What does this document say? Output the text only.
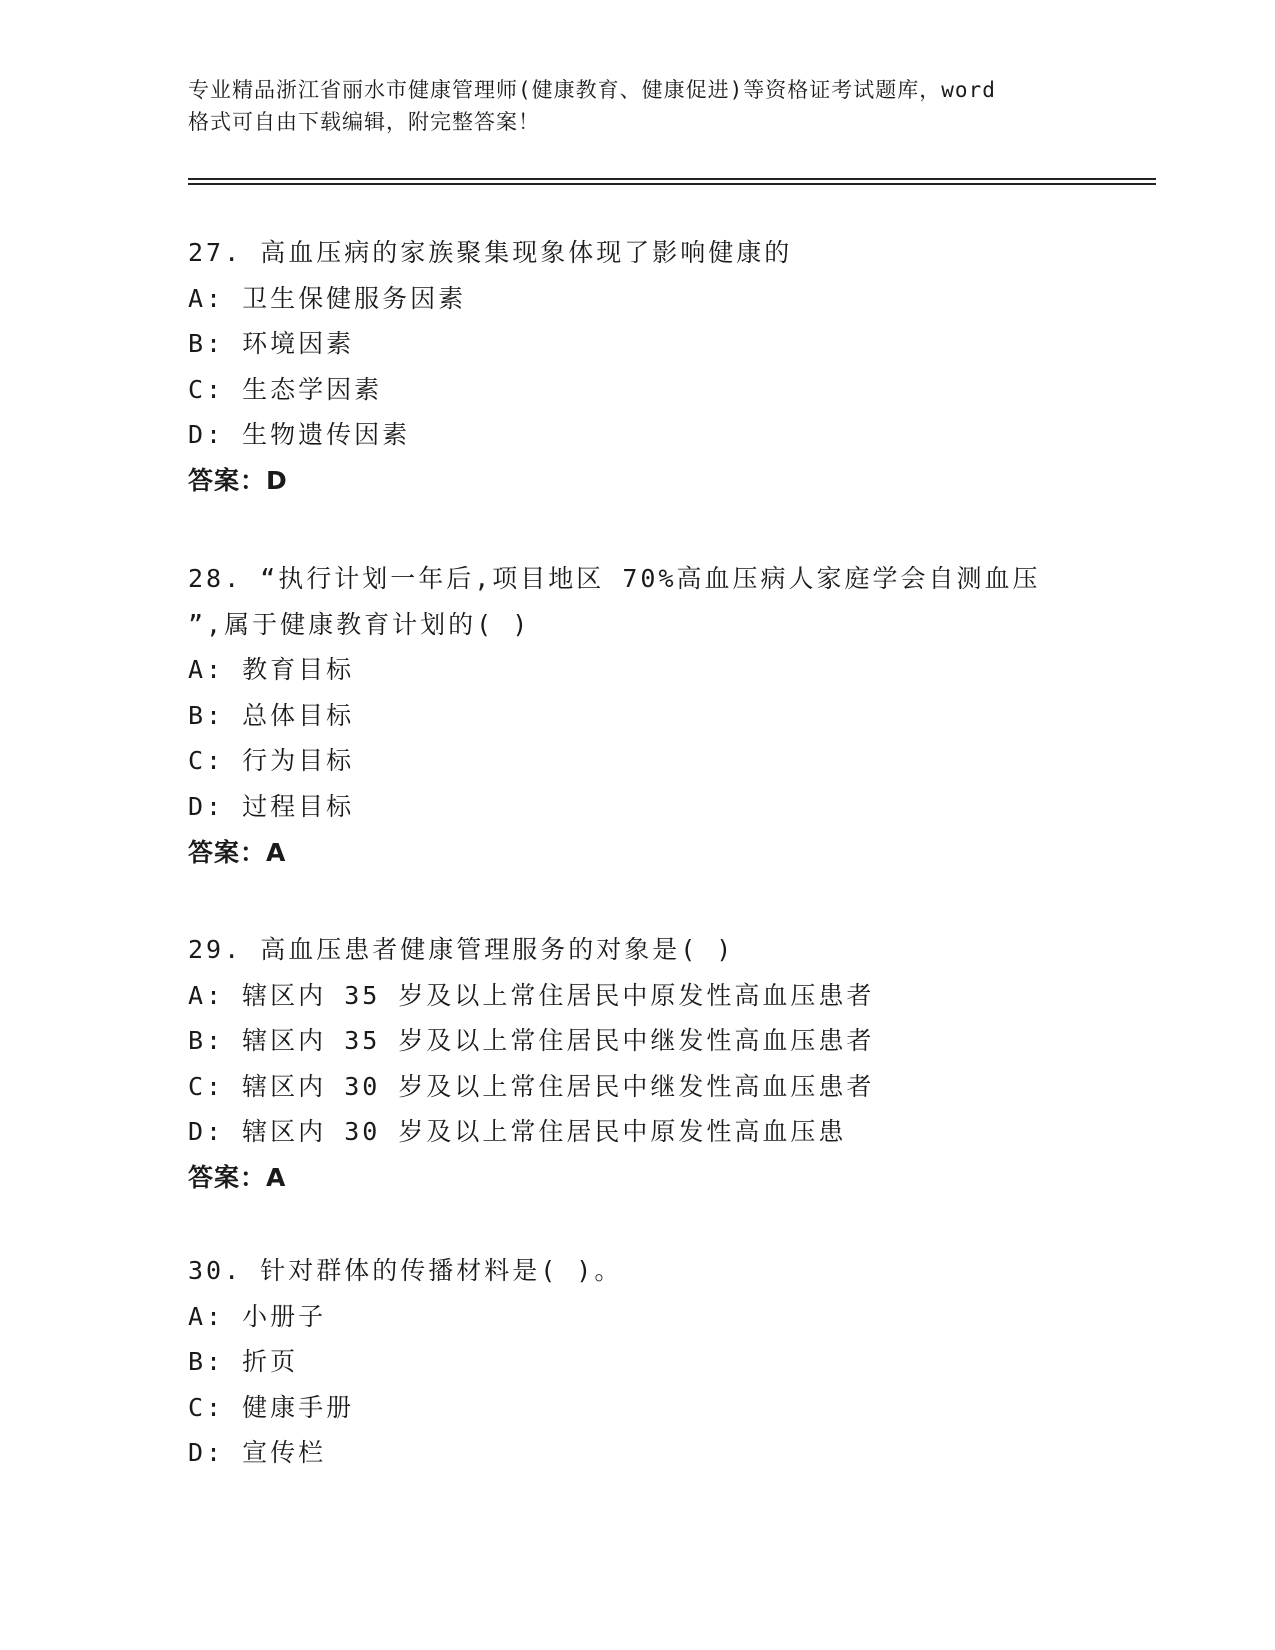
专业精品浙江省丽水市健康管理师(健康教育、健康促进)等资格证考试题库，word
格式可自由下载编辑，附完整答案！
27. 高血压病的家族聚集现象体现了影响健康的
A: 卫生保健服务因素
B: 环境因素
C: 生态学因素
D: 生物遗传因素
答案：D
28. “执行计划一年后,项目地区 70%高血压病人家庭学会自测血压
”,属于健康教育计划的( )
A: 教育目标
B: 总体目标
C: 行为目标
D: 过程目标
答案：A
29. 高血压患者健康管理服务的对象是( )
A: 辖区内 35 岁及以上常住居民中原发性高血压患者
B: 辖区内 35 岁及以上常住居民中继发性高血压患者
C: 辖区内 30 岁及以上常住居民中继发性高血压患者
D: 辖区内 30 岁及以上常住居民中原发性高血压患
答案：A
30. 针对群体的传播材料是( )。
A: 小册子
B: 折页
C: 健康手册
D: 宣传栏
